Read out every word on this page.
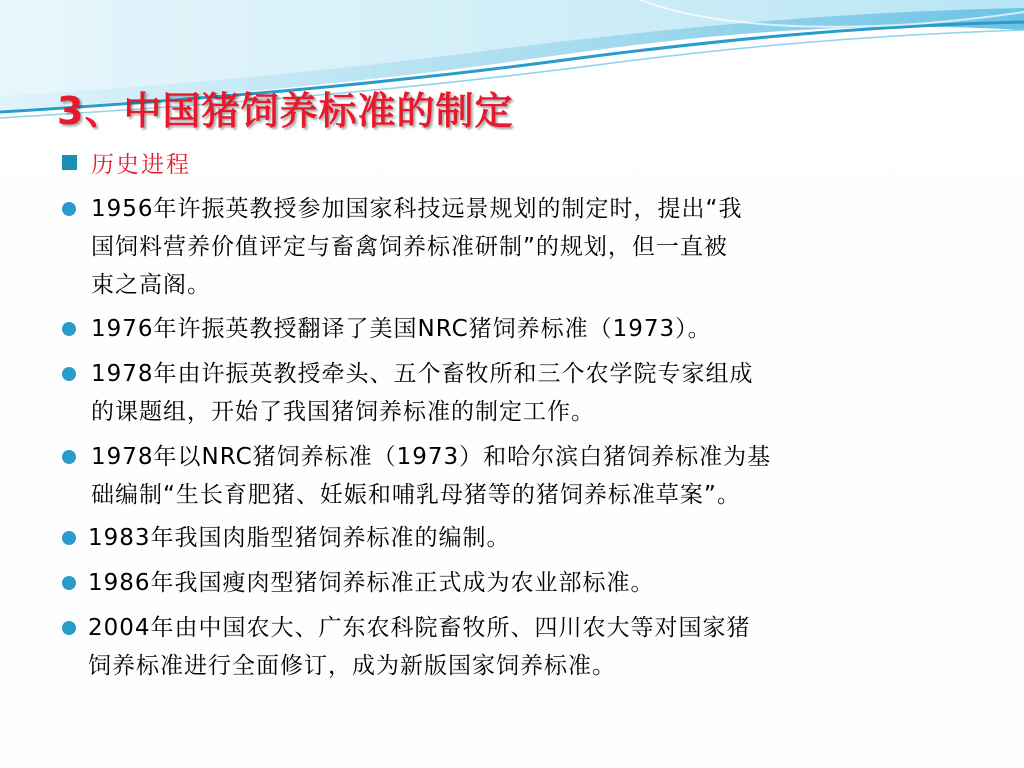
3、中国猪饲养标准的制定
历史进程
1956年许振英教授参加国家科技远景规划的制定时，提出“我
国饲料营养价值评定与畜禽饲养标准研制”的规划，但一直被
束之高阁。
1976年许振英教授翻译了美国NRC猪饲养标准（1973）。
1978年由许振英教授牵头、五个畜牧所和三个农学院专家组成
的课题组，开始了我国猪饲养标准的制定工作。
1978年以NRC猪饲养标准（1973）和哈尔滨白猪饲养标准为基
础编制“生长育肥猪、妊娠和哺乳母猪等的猪饲养标准草案”。
1983年我国肉脂型猪饲养标准的编制。
1986年我国瘦肉型猪饲养标准正式成为农业部标准。
2004年由中国农大、广东农科院畜牧所、四川农大等对国家猪
饲养标准进行全面修订，成为新版国家饲养标准。
